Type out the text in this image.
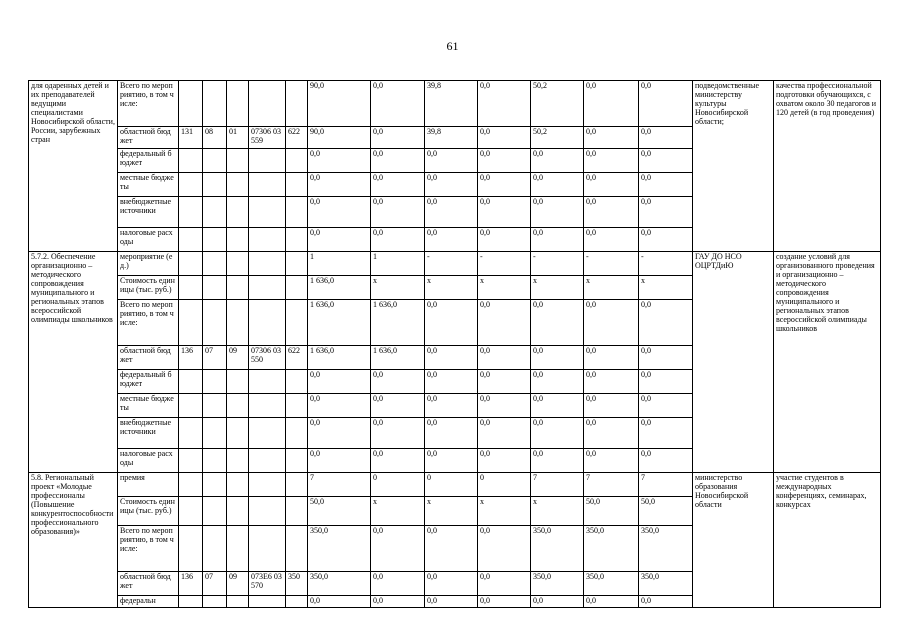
61
для одаренных детей и их преподавателей ведущими специалистами Новосибирской области, России, зарубежных стран	Всего по мероприятию, в том числе:						90,0	0,0	39,8	0,0	50,2	0,0	0,0	подведомственные министерству культуры Новосибирской области;	качества профессиональной подготовки обучающихся, с охватом около 30 педагогов и 120 детей (в год проведения)
	областной бюджет	131	08	01	07306 03559	622	90,0	0,0	39,8	0,0	50,2	0,0	0,0		
	федеральный бюджет						0,0	0,0	0,0	0,0	0,0	0,0	0,0		
	местные бюджеты						0,0	0,0	0,0	0,0	0,0	0,0	0,0		
	внебюджетные источники						0,0	0,0	0,0	0,0	0,0	0,0	0,0		
	налоговые расходы						0,0	0,0	0,0	0,0	0,0	0,0	0,0		
5.7.2. Обеспечение организационно – методического сопровождения муниципального и региональных этапов всероссийской олимпиады школьников	мероприятие (ед.)						1	1	-	-	-	-	-	ГАУ ДО НСО ОЦРТДиЮ	создание условий для организованного проведения и организационно – методического сопровождения муниципального и региональных этапов всероссийской олимпиады школьников
	Стоимость единицы (тыс. руб.)						1 636,0	х	х	х	х	х	х		
	Всего по мероприятию, в том числе:						1 636,0	1 636,0	0,0	0,0	0,0	0,0	0,0		
	областной бюджет	136	07	09	07306 03550	622	1 636,0	1 636,0	0,0	0,0	0,0	0,0	0,0		
	федеральный бюджет						0,0	0,0	0,0	0,0	0,0	0,0	0,0		
	местные бюджеты						0,0	0,0	0,0	0,0	0,0	0,0	0,0		
	внебюджетные источники						0,0	0,0	0,0	0,0	0,0	0,0	0,0		
	налоговые расходы						0,0	0,0	0,0	0,0	0,0	0,0	0,0		
5.8. Региональный проект «Молодые профессионалы (Повышение конкурентоспособности профессионального образования)»	премия						7	0	0	0	7	7	7	министерство образования Новосибирской области	участие студентов в международных конференциях, семинарах, конкурсах
	Стоимость единицы (тыс. руб.)						50,0	х	х	х	х	50,0	50,0		
	Всего по мероприятию, в том числе:						350,0	0,0	0,0	0,0	350,0	350,0	350,0		
	областной бюджет	136	07	09	073Е6 03570	350	350,0	0,0	0,0	0,0	350,0	350,0	350,0		
	федеральн						0,0	0,0	0,0	0,0	0,0	0,0	0,0		
